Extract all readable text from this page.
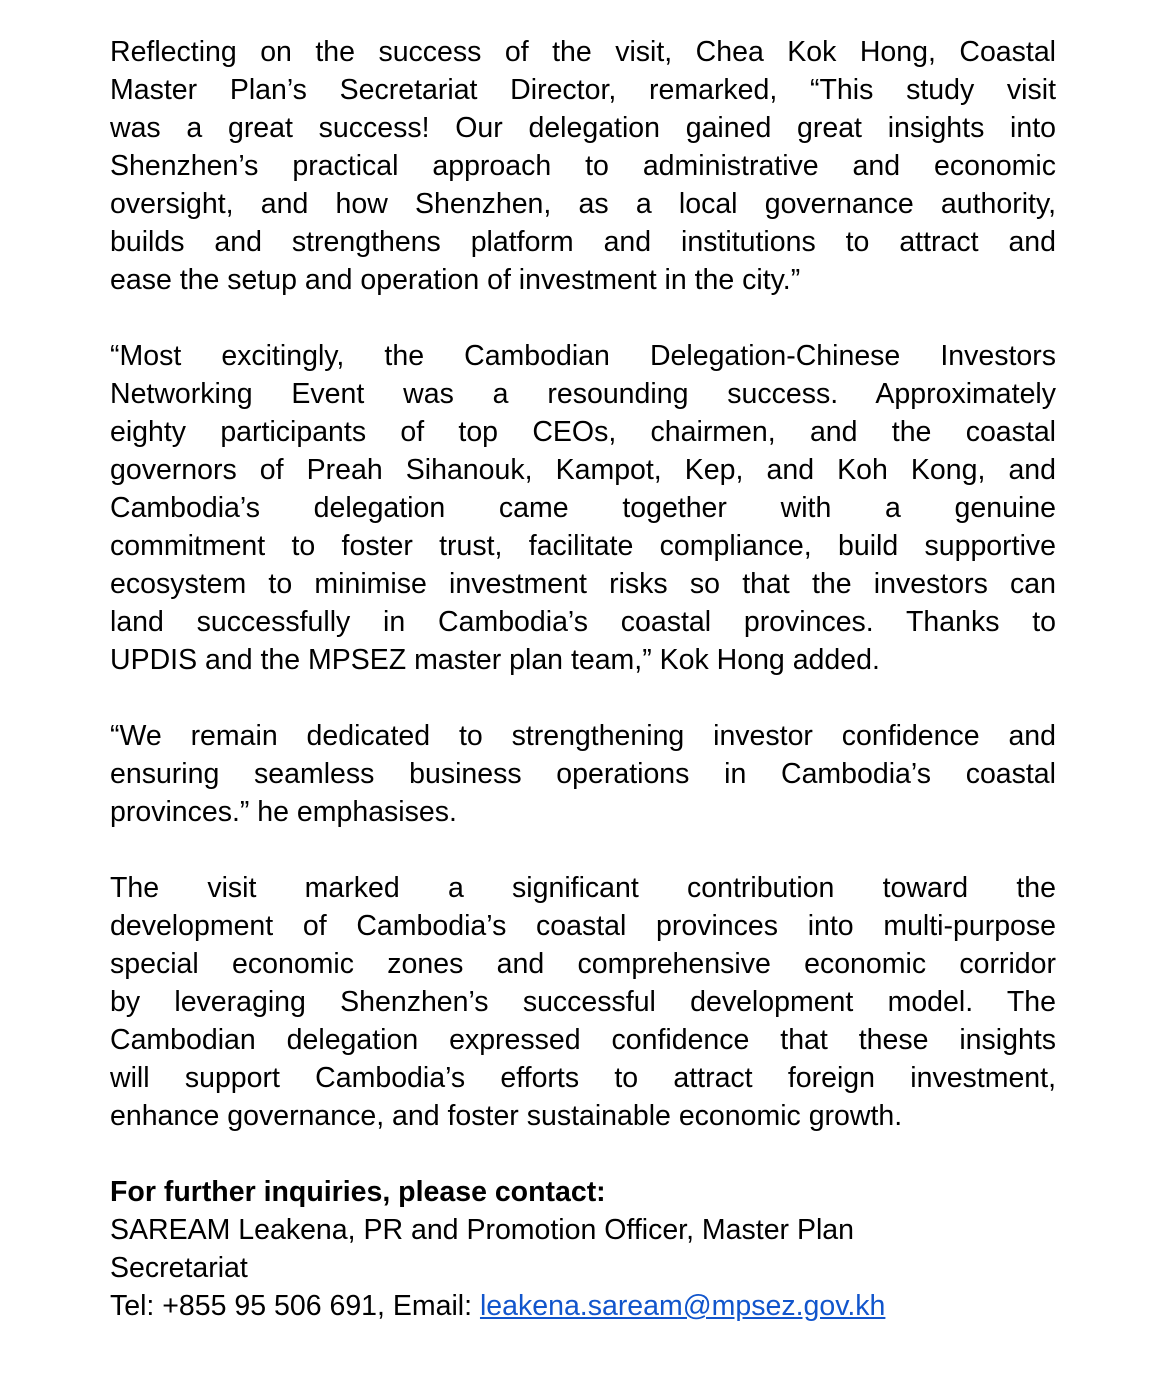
Reflecting on the success of the visit, Chea Kok Hong, Coastal
Master Plan’s Secretariat Director, remarked, “This study visit
was a great success! Our delegation gained great insights into
Shenzhen’s practical approach to administrative and economic
oversight, and how Shenzhen, as a local governance authority,
builds and strengthens platform and institutions to attract and
ease the setup and operation of investment in the city.”
“Most excitingly, the Cambodian Delegation-Chinese Investors
Networking Event was a resounding success. Approximately
eighty participants of top CEOs, chairmen, and the coastal
governors of Preah Sihanouk, Kampot, Kep, and Koh Kong, and
Cambodia’s delegation came together with a genuine
commitment to foster trust, facilitate compliance, build supportive
ecosystem to minimise investment risks so that the investors can
land successfully in Cambodia’s coastal provinces. Thanks to
UPDIS and the MPSEZ master plan team,” Kok Hong added.
“We remain dedicated to strengthening investor confidence and
ensuring seamless business operations in Cambodia’s coastal
provinces.” he emphasises.
The visit marked a significant contribution toward the
development of Cambodia’s coastal provinces into multi-purpose
special economic zones and comprehensive economic corridor
by leveraging Shenzhen’s successful development model. The
Cambodian delegation expressed confidence that these insights
will support Cambodia’s efforts to attract foreign investment,
enhance governance, and foster sustainable economic growth.
For further inquiries, please contact:
SAREAM Leakena, PR and Promotion Officer, Master Plan
Secretariat
Tel: +855 95 506 691, Email: leakena.saream@mpsez.gov.kh
